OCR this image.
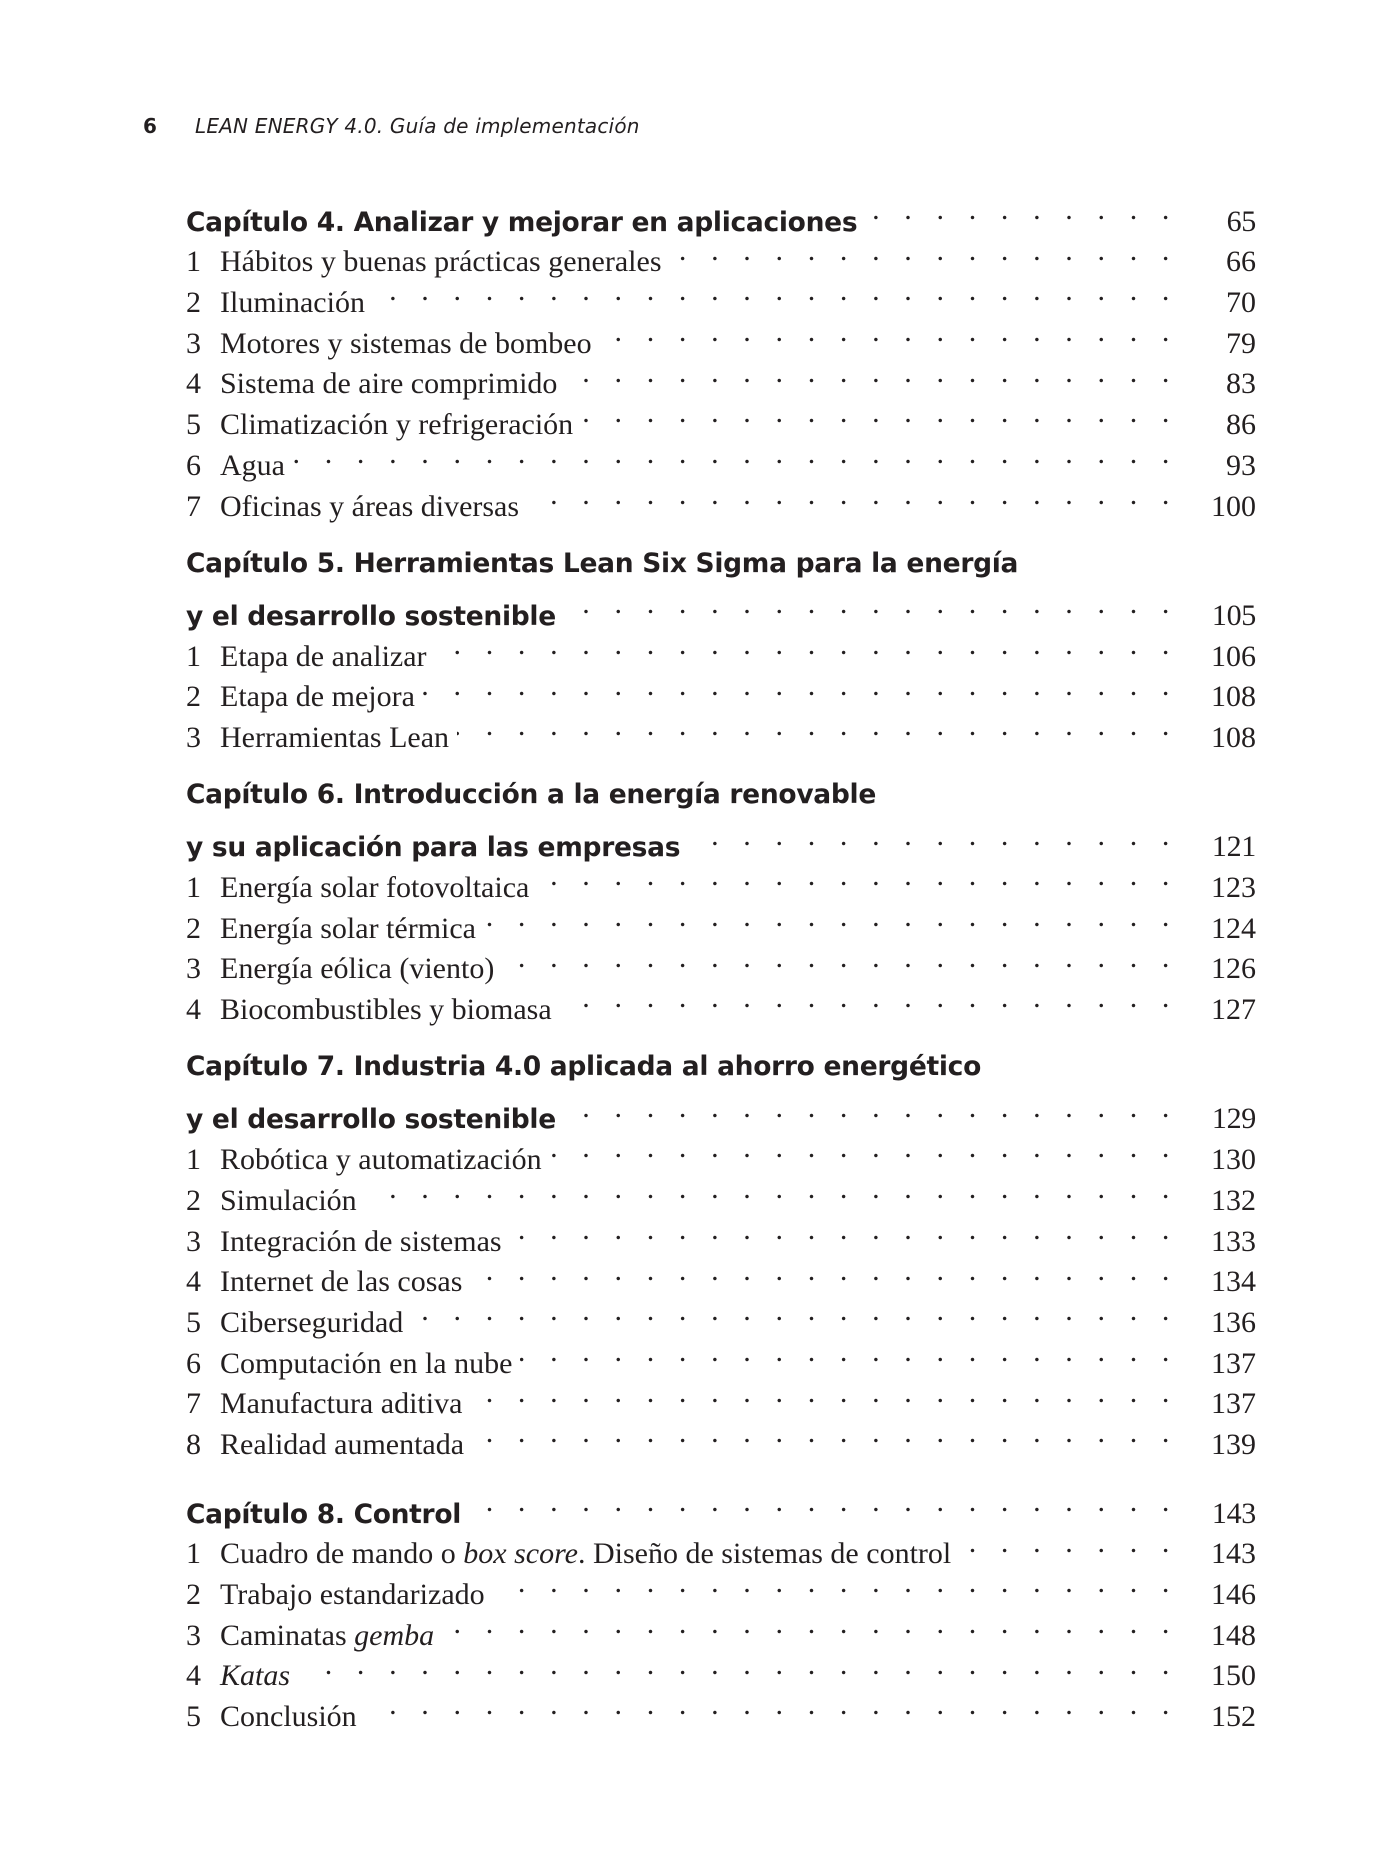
6 LEAN ENERGY 4.0. Guía de implementación
Capítulo 4. Analizar y mejorar en aplicaciones . . .	65
1 Hábitos y buenas prácticas generales . . .	66
2 Iluminación . . .	70
3 Motores y sistemas de bombeo . . .	79
4 Sistema de aire comprimido . . .	83
5 Climatización y refrigeración . . .	86
6 Agua . . .	93
7 Oficinas y áreas diversas . . .	100
Capítulo 5. Herramientas Lean Six Sigma para la energía
y el desarrollo sostenible . . .	105
1 Etapa de analizar . . .	106
2 Etapa de mejora . . .	108
3 Herramientas Lean . . .	108
Capítulo 6. Introducción a la energía renovable
y su aplicación para las empresas . . .	121
1 Energía solar fotovoltaica . . .	123
2 Energía solar térmica . . .	124
3 Energía eólica (viento) . . .	126
4 Biocombustibles y biomasa . . .	127
Capítulo 7. Industria 4.0 aplicada al ahorro energético
y el desarrollo sostenible . . .	129
1 Robótica y automatización . . .	130
2 Simulación . . .	132
3 Integración de sistemas . . .	133
4 Internet de las cosas . . .	134
5 Ciberseguridad . . .	136
6 Computación en la nube . . .	137
7 Manufactura aditiva . . .	137
8 Realidad aumentada . . .	139
Capítulo 8. Control . . .	143
1 Cuadro de mando o box score. Diseño de sistemas de control . . .	143
2 Trabajo estandarizado . . .	146
3 Caminatas gemba . . .	148
4 Katas . . .	150
5 Conclusión . . .	152
